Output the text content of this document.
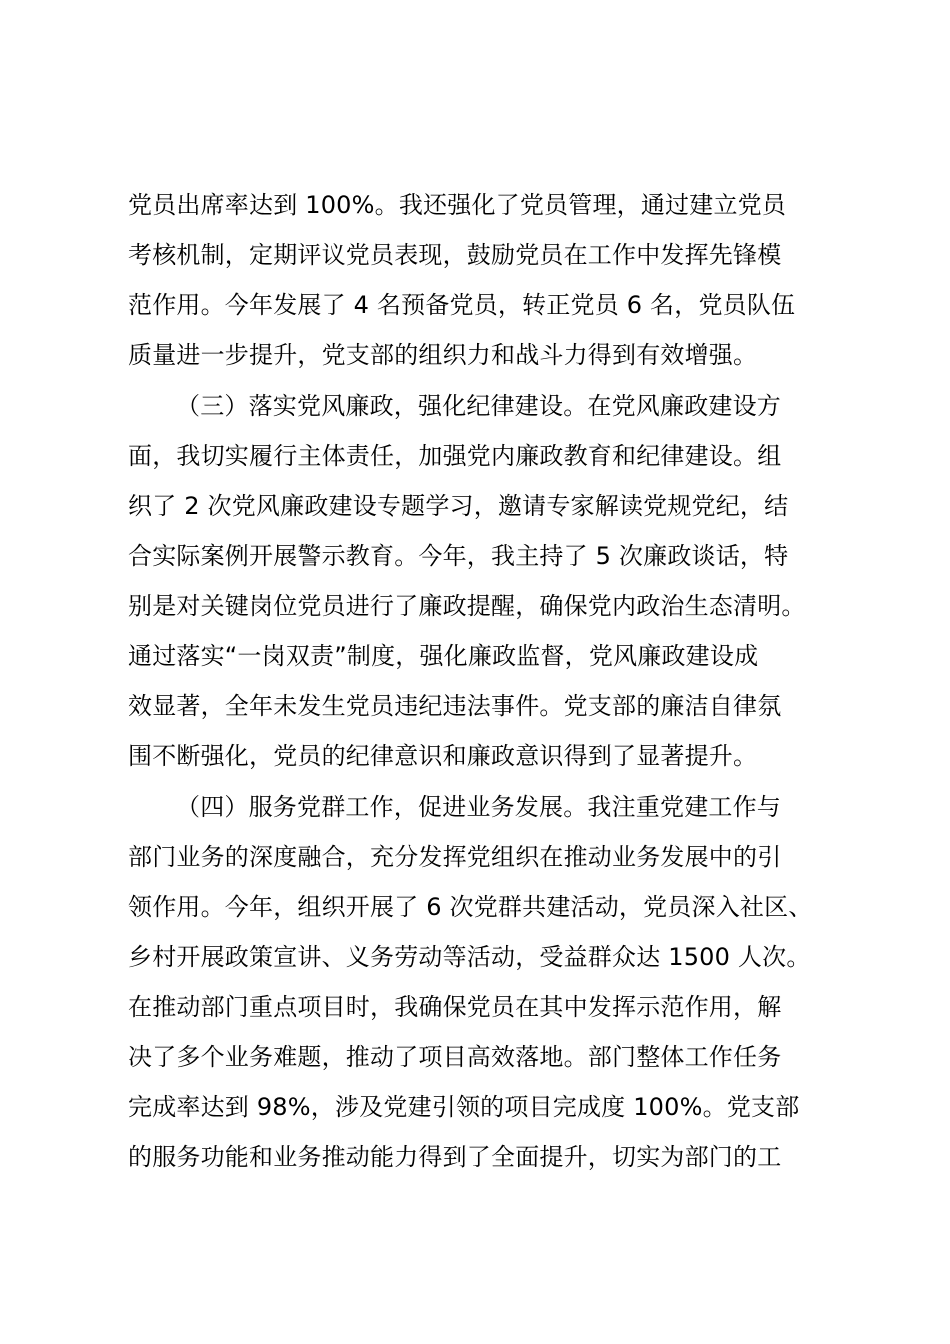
党员出席率达到 100%。我还强化了党员管理，通过建立党员
考核机制，定期评议党员表现，鼓励党员在工作中发挥先锋模
范作用。今年发展了 4 名预备党员，转正党员 6 名，党员队伍
质量进一步提升，党支部的组织力和战斗力得到有效增强。
（三）落实党风廉政，强化纪律建设。在党风廉政建设方
面，我切实履行主体责任，加强党内廉政教育和纪律建设。组
织了 2 次党风廉政建设专题学习，邀请专家解读党规党纪，结
合实际案例开展警示教育。今年，我主持了 5 次廉政谈话，特
别是对关键岗位党员进行了廉政提醒，确保党内政治生态清明。
通过落实“一岗双责”制度，强化廉政监督，党风廉政建设成
效显著，全年未发生党员违纪违法事件。党支部的廉洁自律氛
围不断强化，党员的纪律意识和廉政意识得到了显著提升。
（四）服务党群工作，促进业务发展。我注重党建工作与
部门业务的深度融合，充分发挥党组织在推动业务发展中的引
领作用。今年，组织开展了 6 次党群共建活动，党员深入社区、
乡村开展政策宣讲、义务劳动等活动，受益群众达 1500 人次。
在推动部门重点项目时，我确保党员在其中发挥示范作用，解
决了多个业务难题，推动了项目高效落地。部门整体工作任务
完成率达到 98%，涉及党建引领的项目完成度 100%。党支部
的服务功能和业务推动能力得到了全面提升，切实为部门的工
